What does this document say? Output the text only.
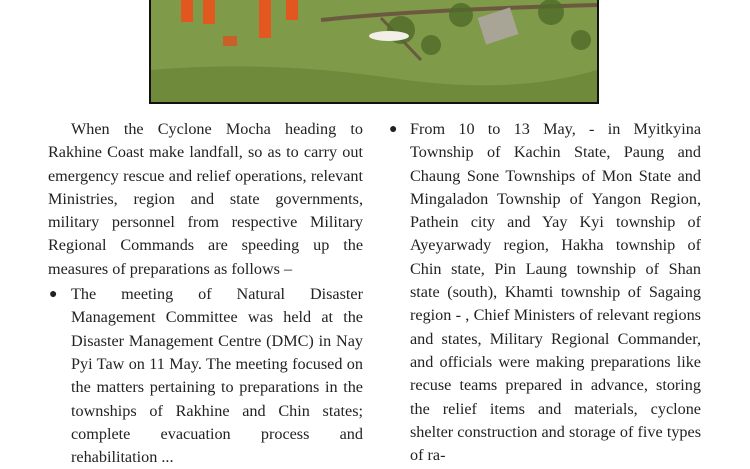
When the Cyclone Mocha heading to Rakhine Coast make landfall, so as to carry out emergency rescue and relief operations, relevant Ministries, region and state governments, military personnel from respective Military Regional Commands are speeding up the measures of preparations as follows –

● The meeting of Natural Disaster Management Committee was held at the Disaster Management Centre (DMC) in Nay Pyi Taw on 11 May. The meeting focused on the matters pertaining to preparations in the townships of Rakhine and Chin states; complete evacuation process and rehabilitation ...
● From 10 to 13 May, - in Myitkyina Township of Kachin State, Paung and Chaung Sone Townships of Mon State and Mingaladon Township of Yangon Region, Pathein city and Yay Kyi township of Ayeyarwady region, Hakha township of Chin state, Pin Laung township of Shan state (south), Khamti township of Sagaing region - , Chief Ministers of relevant regions and states, Military Regional Commander, and officials were making preparations like recuse teams prepared in advance, storing the relief items and materials, cyclone shelter construction and storage of five types of ra-
